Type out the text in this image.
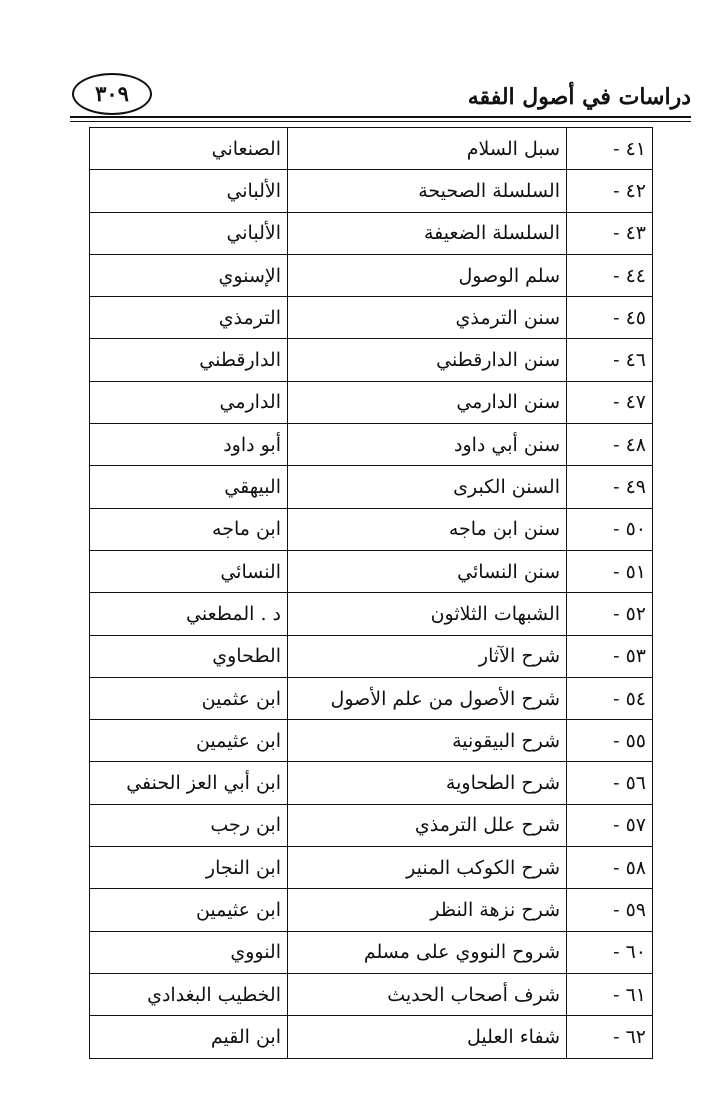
دراسات في أصول الفقه
٣٠٩
٤١ -	سبل السلام	الصنعاني
٤٢ -	السلسلة الصحيحة	الألباني
٤٣ -	السلسلة الضعيفة	الألباني
٤٤ -	سلم الوصول	الإسنوي
٤٥ -	سنن الترمذي	الترمذي
٤٦ -	سنن الدارقطني	الدارقطني
٤٧ -	سنن الدارمي	الدارمي
٤٨ -	سنن أبي داود	أبو داود
٤٩ -	السنن الكبرى	البيهقي
٥٠ -	سنن ابن ماجه	ابن ماجه
٥١ -	سنن النسائي	النسائي
٥٢ -	الشبهات الثلاثون	د . المطعني
٥٣ -	شرح الآثار	الطحاوي
٥٤ -	شرح الأصول من علم الأصول	ابن عثمين
٥٥ -	شرح البيقونية	ابن عثيمين
٥٦ -	شرح الطحاوية	ابن أبي العز الحنفي
٥٧ -	شرح علل الترمذي	ابن رجب
٥٨ -	شرح الكوكب المنير	ابن النجار
٥٩ -	شرح نزهة النظر	ابن عثيمين
٦٠ -	شروح النووي على مسلم	النووي
٦١ -	شرف أصحاب الحديث	الخطيب البغدادي
٦٢ -	شفاء العليل	ابن القيم
